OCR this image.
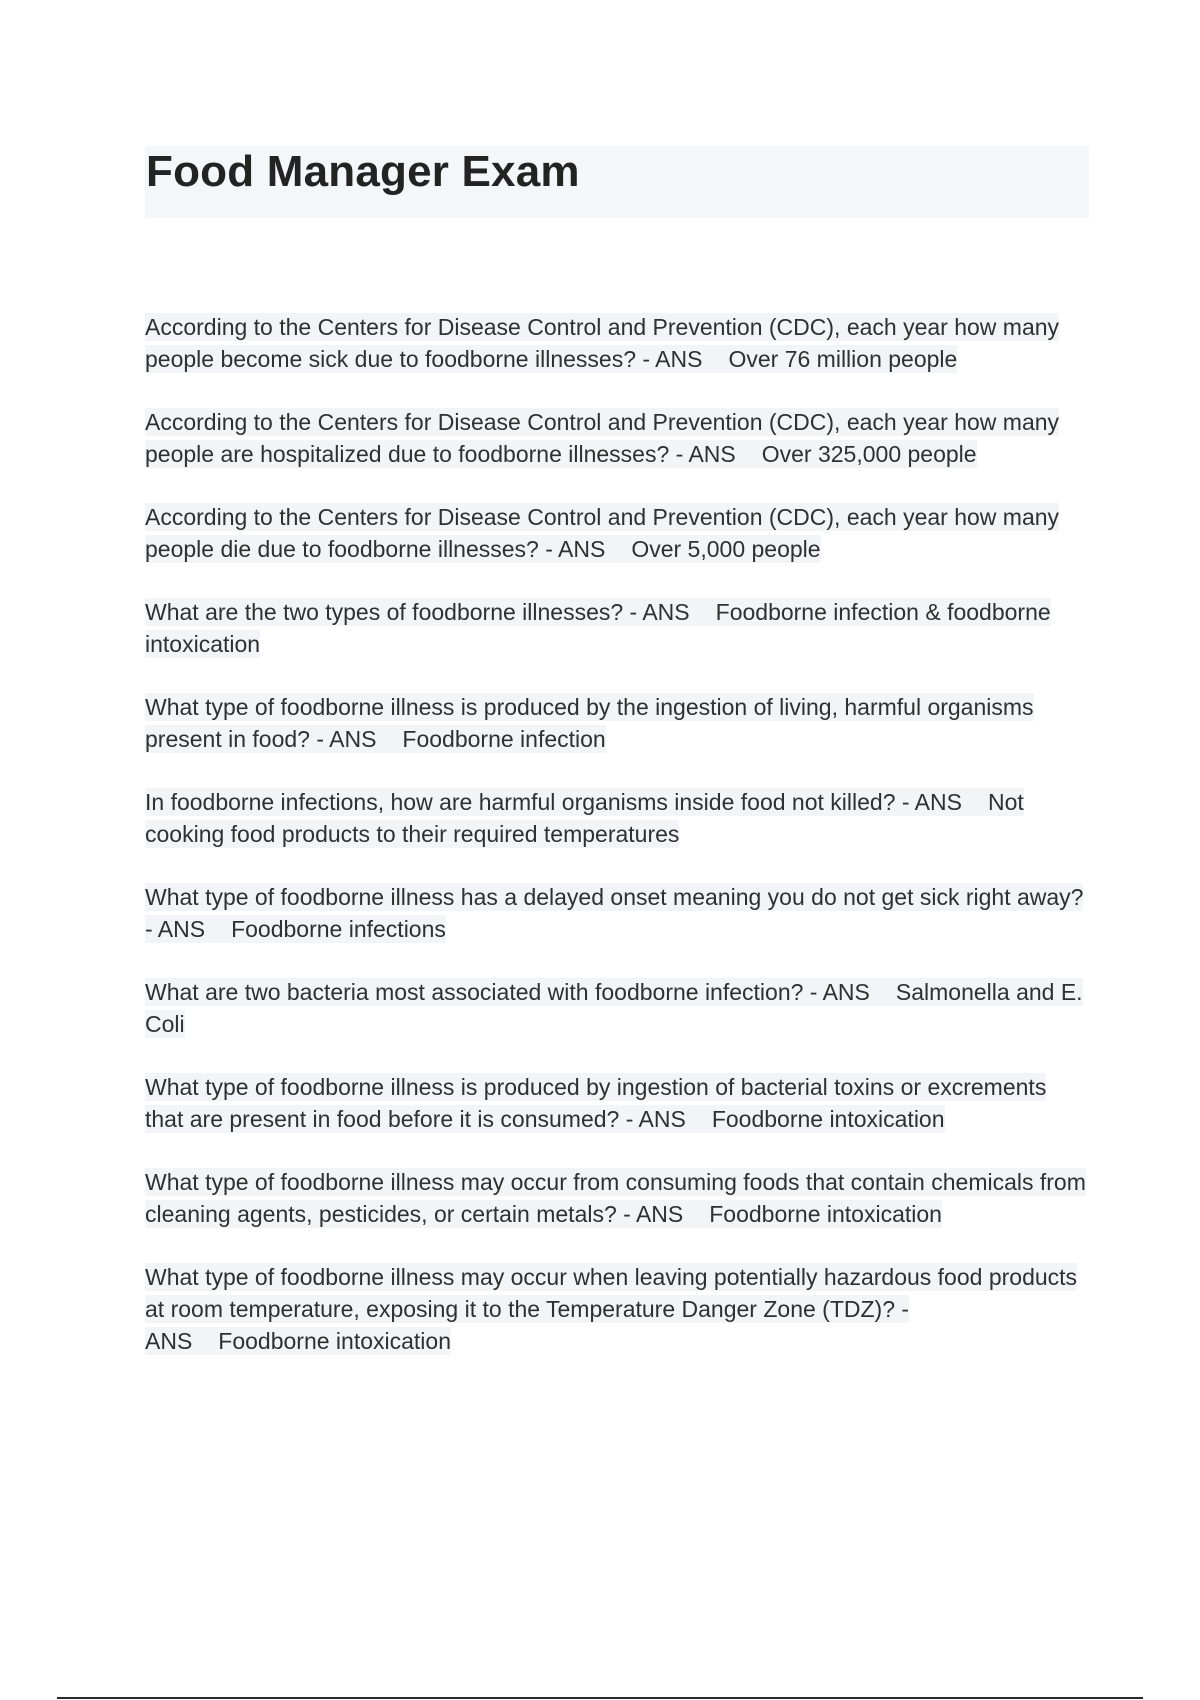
Food Manager Exam
According to the Centers for Disease Control and Prevention (CDC), each year how many people become sick due to foodborne illnesses? - ANS Over 76 million people
According to the Centers for Disease Control and Prevention (CDC), each year how many people are hospitalized due to foodborne illnesses? - ANS Over 325,000 people
According to the Centers for Disease Control and Prevention (CDC), each year how many people die due to foodborne illnesses? - ANS Over 5,000 people
What are the two types of foodborne illnesses? - ANS Foodborne infection & foodborne intoxication
What type of foodborne illness is produced by the ingestion of living, harmful organisms present in food? - ANS Foodborne infection
In foodborne infections, how are harmful organisms inside food not killed? - ANS Not cooking food products to their required temperatures
What type of foodborne illness has a delayed onset meaning you do not get sick right away? - ANS Foodborne infections
What are two bacteria most associated with foodborne infection? - ANS Salmonella and E. Coli
What type of foodborne illness is produced by ingestion of bacterial toxins or excrements that are present in food before it is consumed? - ANS Foodborne intoxication
What type of foodborne illness may occur from consuming foods that contain chemicals from cleaning agents, pesticides, or certain metals? - ANS Foodborne intoxication
What type of foodborne illness may occur when leaving potentially hazardous food products at room temperature, exposing it to the Temperature Danger Zone (TDZ)? - ANS Foodborne intoxication
